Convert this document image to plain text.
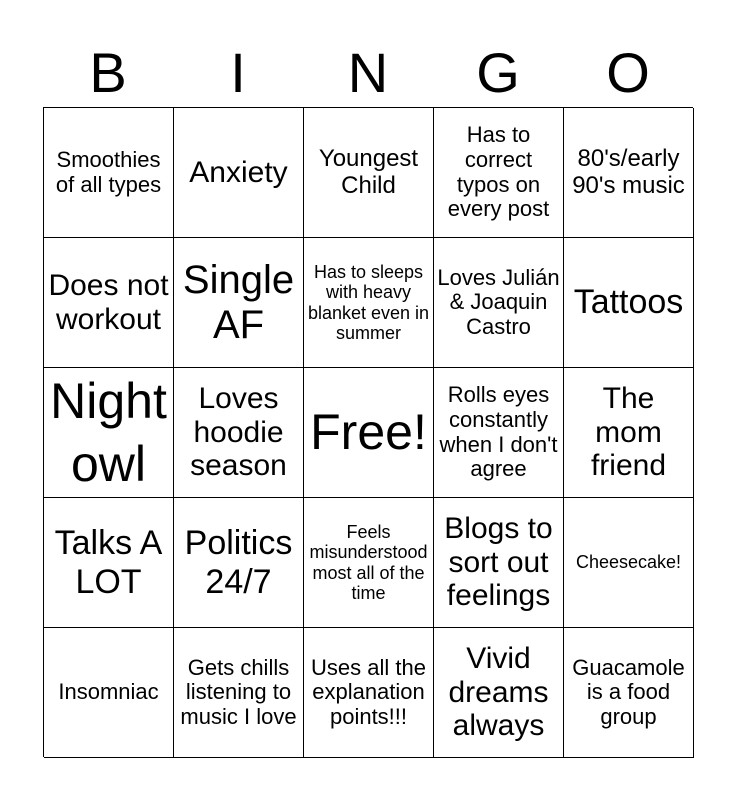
B	I	N	G	O
Smoothies of all types Anxiety	Youngest Child
Has to correct typos on every post
80's/early 90's music
Does not workout
Single AF
Has to sleeps with heavy blanket even in summer
Loves Julián & Joaquin Castro
Tattoos
Night owl
Loves hoodie season
Free!
Rolls eyes constantly when I don't agree
The mom friend
Talks A LOT
Politics 24/7
Feels misunderstood most all of the time
Blogs to sort out feelings
Cheesecake!
Insomniac
Gets chills listening to music I love
Uses all the explanation points!!!
Vivid dreams always
Guacamole is a food group
